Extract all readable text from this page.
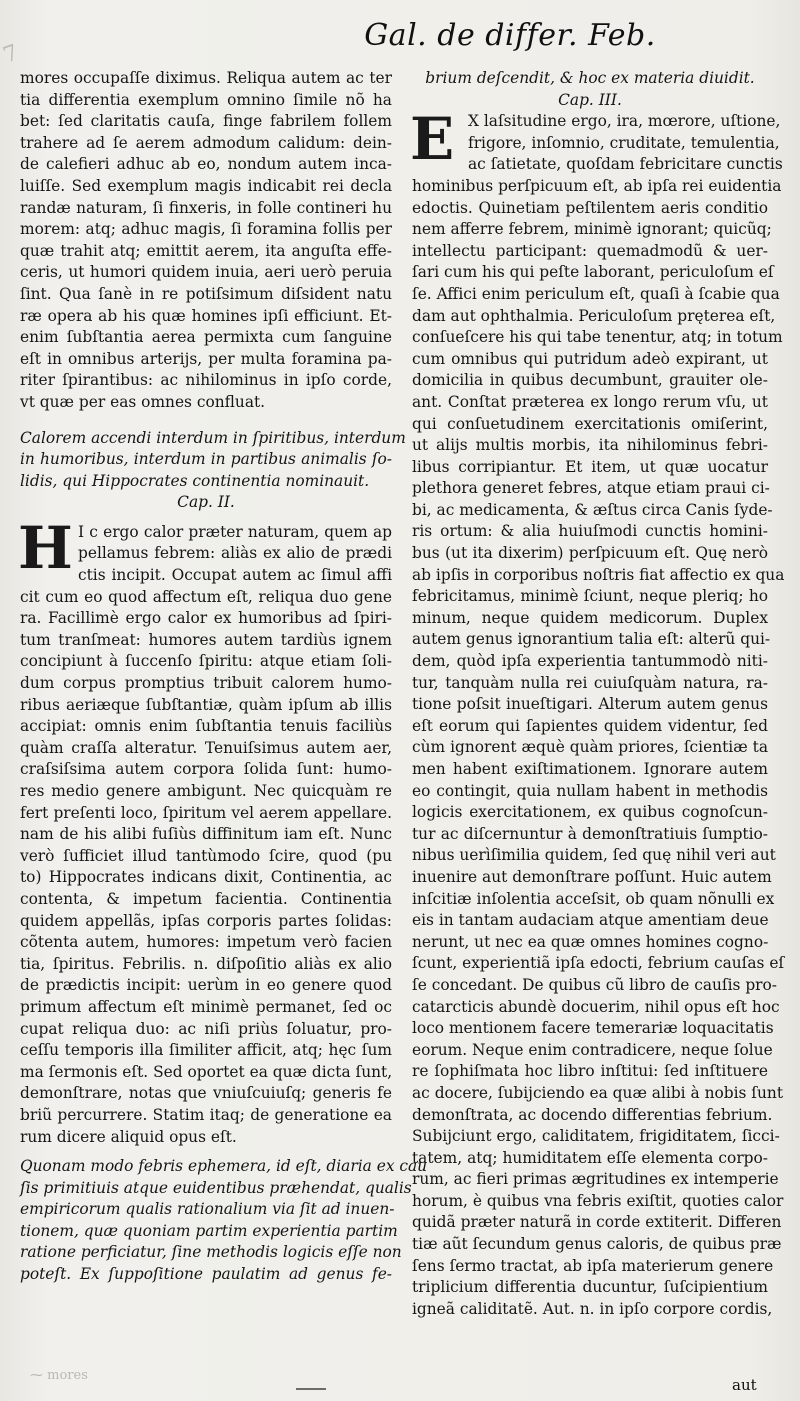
7
Gal. de differ. Feb.
mores occupaſſe diximus. Reliqua autem ac ter
tia differentia exemplum omnino ſimile nõ ha
bet: ſed claritatis cauſa, finge fabrilem follem
trahere ad ſe aerem admodum calidum: dein-
de calefieri adhuc ab eo, nondum autem inca-
luiſſe. Sed exemplum magis indicabit rei decla
randæ naturam, ſi finxeris, in folle contineri hu
morem: atq; adhuc magis, ſi foramina follis per
quæ trahit atq; emittit aerem, ita anguſta effe-
ceris, ut humori quidem inuia, aeri uerò peruia
ſint. Qua ſanè in re potiſsimum diſsident natu
ræ opera ab his quæ homines ipſi efficiunt. Et-
enim ſubſtantia aerea permixta cum ſanguine
eſt in omnibus arterijs, per multa foramina pa-
riter ſpirantibus: ac nihilominus in ipſo corde,
vt quæ per eas omnes confluat.
Calorem accendi interdum in ſpiritibus, interdum
in humoribus, interdum in partibus animalis ſo-
lidis, qui Hippocrates continentia nominauit.
Cap. II.
H I c ergo calor præter naturam, quem ap
pellamus febrem: aliàs ex alio de prædi
ctis incipit. Occupat autem ac ſimul affi
cit cum eo quod affectum eſt, reliqua duo gene
ra. Facillimè ergo calor ex humoribus ad ſpiri-
tum tranſmeat: humores autem tardiùs ignem
concipiunt à ſuccenſo ſpiritu: atque etiam ſoli-
dum corpus promptius tribuit calorem humo-
ribus aeriæque ſubſtantiæ, quàm ipſum ab illis
accipiat: omnis enim ſubſtantia tenuis faciliùs
quàm craſſa alteratur. Tenuiſsimus autem aer,
craſsiſsima autem corpora ſolida ſunt: humo-
res medio genere ambigunt. Nec quicquàm re
fert preſenti loco, ſpiritum vel aerem appellare.
nam de his alibi fuſiùs diffinitum iam eſt. Nunc
verò ſufficiet illud tantùmodo ſcire, quod (pu
to) Hippocrates indicans dixit, Continentia, ac
contenta, & impetum facientia. Continentia
quidem appellãs, ipſas corporis partes ſolidas:
cõtenta autem, humores: impetum verò facien
tia, ſpiritus. Febrilis. n. diſpoſitio aliàs ex alio
de prædictis incipit: uerùm in eo genere quod
primum affectum eſt minimè permanet, ſed oc
cupat reliqua duo: ac niſi priùs ſoluatur, pro-
ceſſu temporis illa ſimiliter afficit, atq; hęc ſum
ma ſermonis eſt. Sed oportet ea quæ dicta ſunt,
demonſtrare, notas que vniuſcuiuſq; generis fe
briũ percurrere. Statim itaq; de generatione ea
rum dicere aliquid opus eſt.
Quonam modo febris ephemera, id eſt, diaria ex cau
ſis primitiuis atque euidentibus præhendat, qualis
empiricorum qualis rationalium via ſit ad inuen-
tionem, quæ quoniam partim experientia partim
ratione perficiatur, ſine methodis logicis eſſe non
poteſt. Ex ſuppoſitione paulatim ad genus fe-
brium deſcendit, & hoc ex materia diuidit.
Cap. III.
E X laſsitudine ergo, ira, mœrore, uſtione,
frigore, inſomnio, cruditate, temulentia,
ac ſatietate, quoſdam febricitare cunctis
hominibus perſpicuum eſt, ab ipſa rei euidentia
edoctis. Quinetiam peſtilentem aeris conditio
nem afferre febrem, minimè ignorant; quicũq;
intellectu participant: quemadmodũ & uer-
ſari cum his qui peſte laborant, periculoſum eſ
ſe. Affici enim periculum eſt, quaſi à ſcabie qua
dam aut ophthalmia. Periculoſum pręterea eſt,
conſueſcere his qui tabe tenentur, atq; in totum
cum omnibus qui putridum adeò expirant, ut
domicilia in quibus decumbunt, grauiter ole-
ant. Conſtat præterea ex longo rerum vſu, ut
qui conſuetudinem exercitationis omiſerint,
ut alijs multis morbis, ita nihilominus febri-
libus corripiantur. Et item, ut quæ uocatur
plethora generet febres, atque etiam praui ci-
bi, ac medicamenta, & æſtus circa Canis ſyde-
ris ortum: & alia huiuſmodi cunctis homini-
bus (ut ita dixerim) perſpicuum eſt. Quę nerò
ab ipſis in corporibus noſtris fiat affectio ex qua
febricitamus, minimè ſciunt, neque pleriq; ho
minum, neque quidem medicorum. Duplex
autem genus ignorantium talia eſt: alterũ qui-
dem, quòd ipſa experientia tantummodò niti-
tur, tanquàm nulla rei cuiuſquàm natura, ra-
tione poſsit inueſtigari. Alterum autem genus
eſt eorum qui ſapientes quidem videntur, ſed
cùm ignorent æquè quàm priores, ſcientiæ ta
men habent exiſtimationem. Ignorare autem
eo contingit, quia nullam habent in methodis
logicis exercitationem, ex quibus cognoſcun-
tur ac diſcernuntur à demonſtratiuis ſumptio-
nibus uerìſimilia quidem, ſed quę nihil veri aut
inuenire aut demonſtrare poſſunt. Huic autem
inſcitiæ inſolentia acceſsit, ob quam nõnulli ex
eis in tantam audaciam atque amentiam deue
nerunt, ut nec ea quæ omnes homines cogno-
ſcunt, experientiã ipſa edocti, febrium cauſas eſ
ſe concedant. De quibus cũ libro de cauſis pro-
catarcticis abundè docuerim, nihil opus eſt hoc
loco mentionem facere temerariæ loquacitatis
eorum. Neque enim contradicere, neque ſolue
re ſophiſmata hoc libro inſtitui: ſed inſtituere
ac docere, ſubijciendo ea quæ alibi à nobis ſunt
demonſtrata, ac docendo differentias febrium.
Subijciunt ergo, caliditatem, frigiditatem, ſicci-
tatem, atq; humiditatem eſſe elementa corpo-
rum, ac fieri primas ægritudines ex intemperie
horum, è quibus vna febris exiſtit, quoties calor
quidã præter naturã in corde extiterit. Differen
tiæ aũt ſecundum genus caloris, de quibus præ
ſens ſermo tractat, ab ipſa materierum genere
triplicium differentia ducuntur, ſuſcipientium
igneã caliditatẽ. Aut. n. in ipſo corpore cordis,
aut
⁓ mores
